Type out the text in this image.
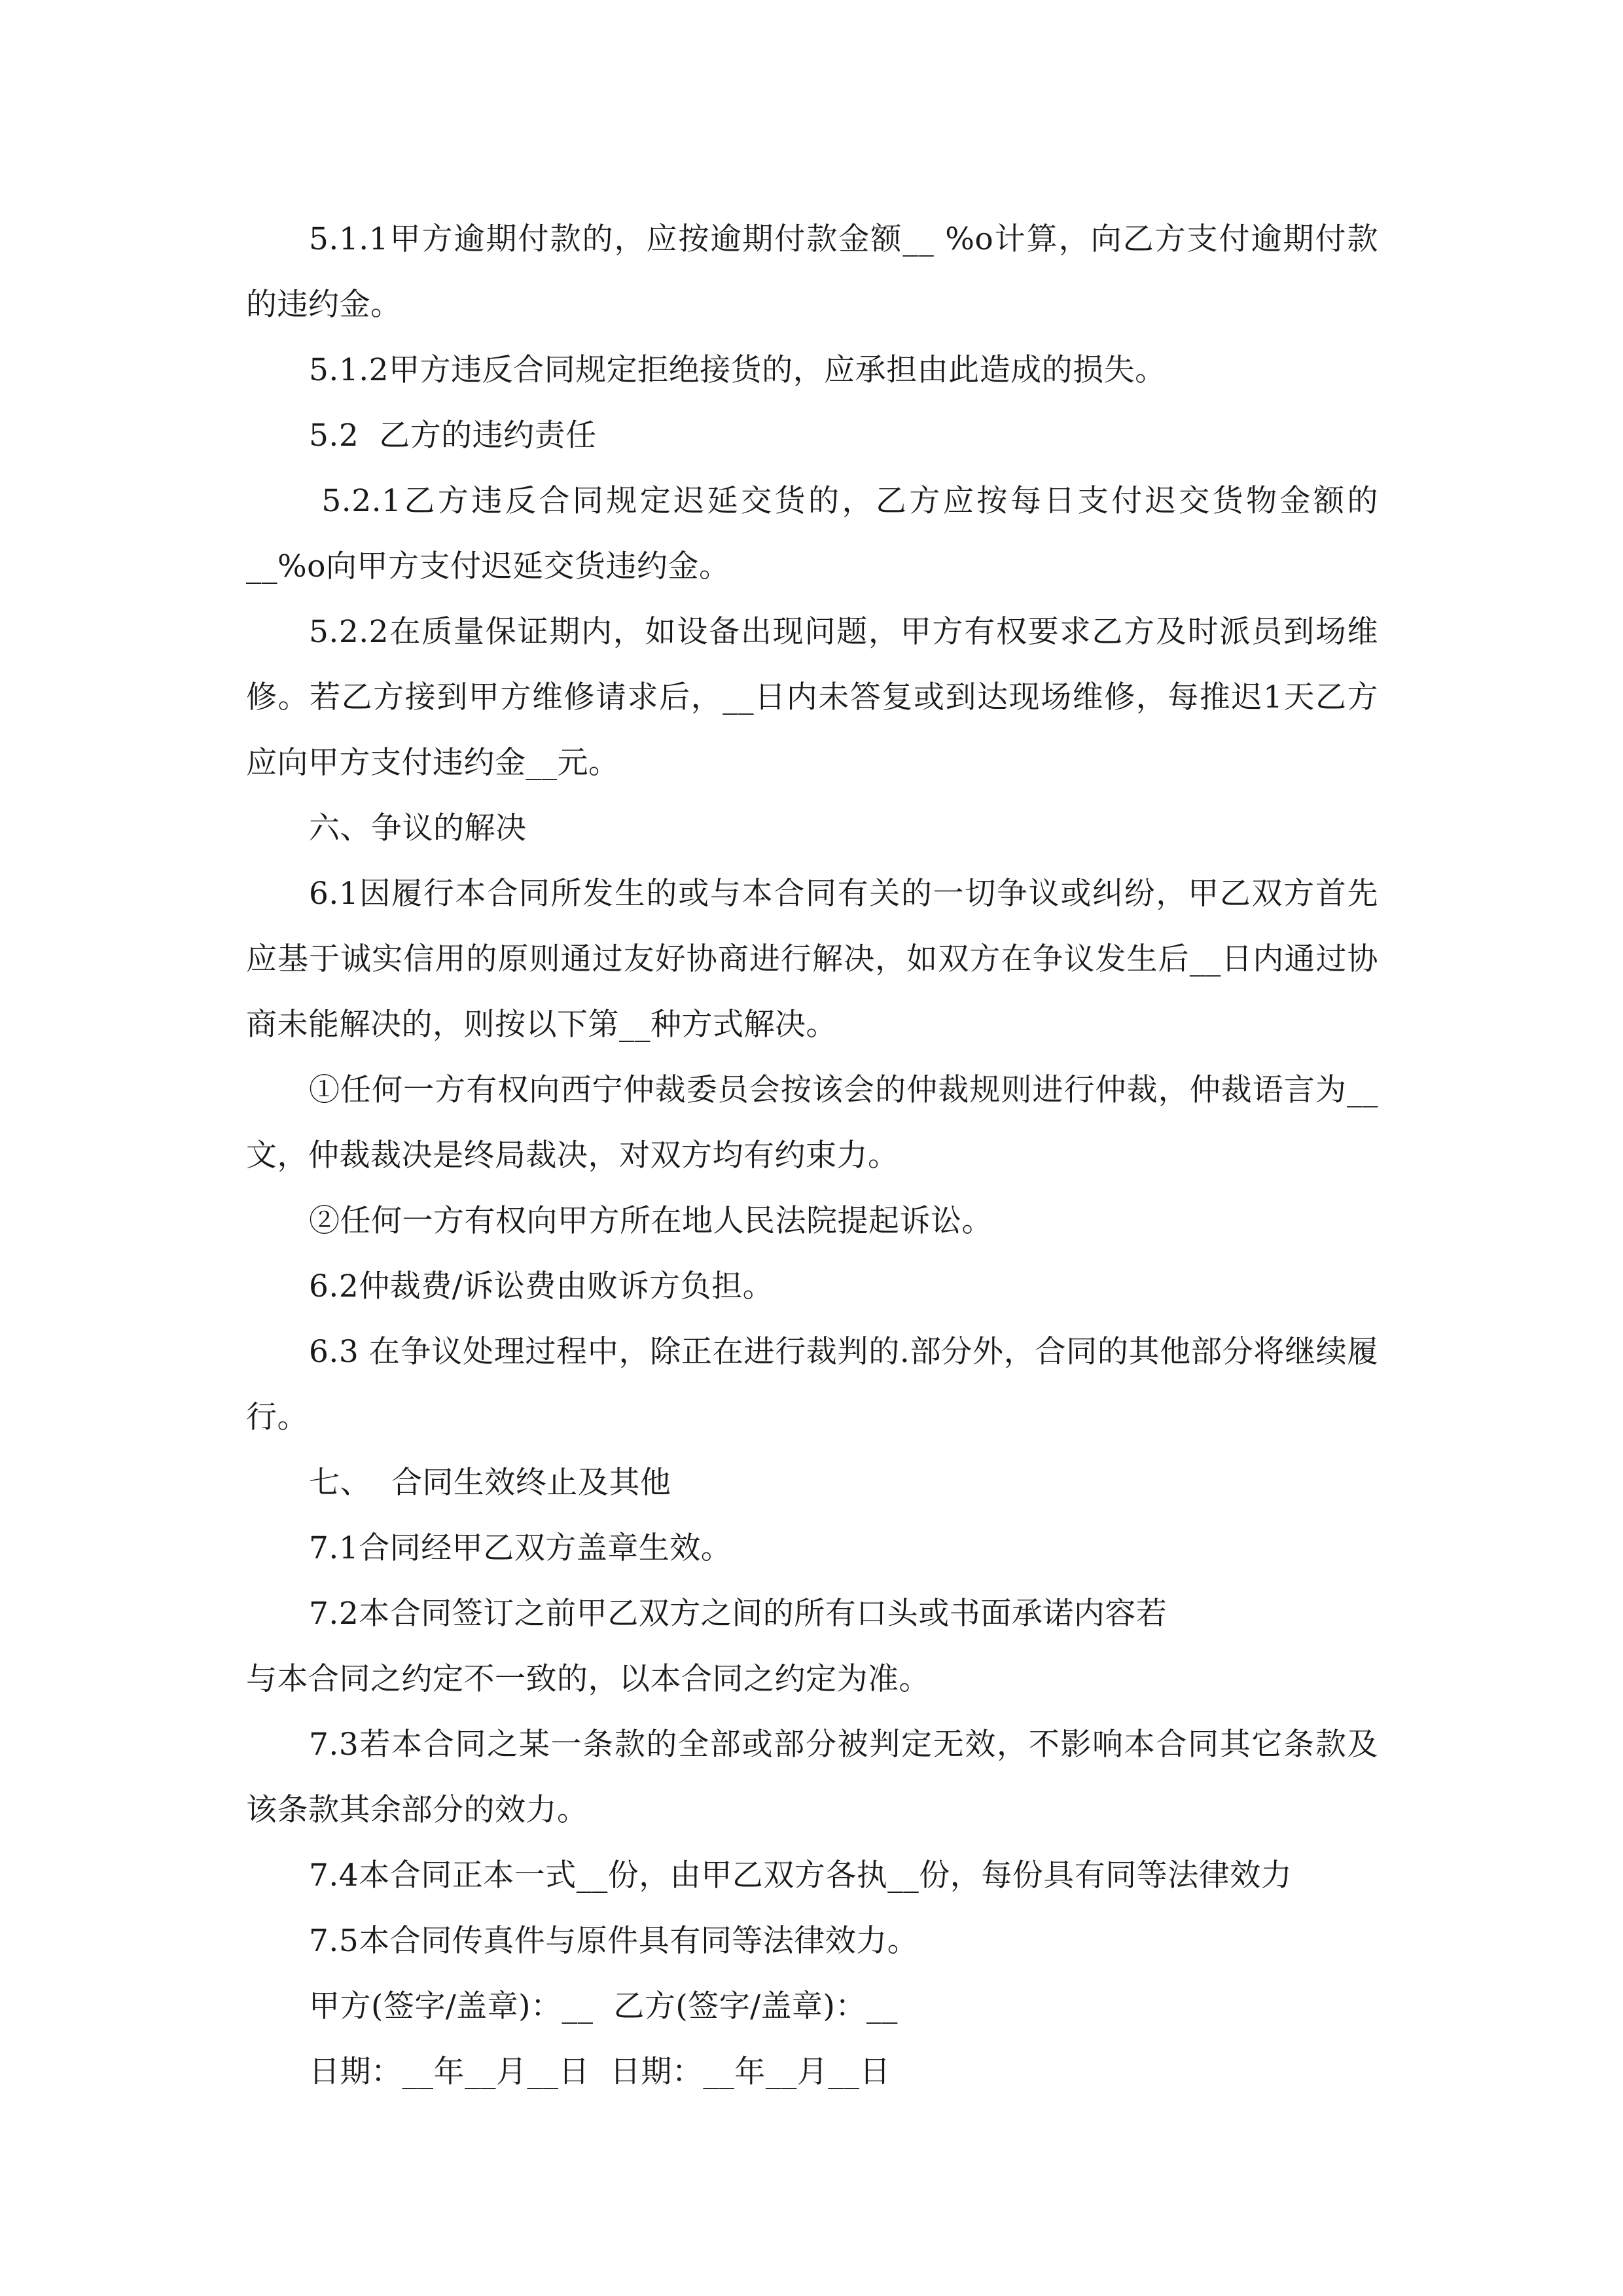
5.1.1甲方逾期付款的，应按逾期付款金额__ %o计算，向乙方支付逾期付款的违约金。

5.1.2甲方违反合同规定拒绝接货的，应承担由此造成的损失。

5.2  乙方的违约责任

5.2.1乙方违反合同规定迟延交货的，乙方应按每日支付迟交货物金额的__%o向甲方支付迟延交货违约金。

5.2.2在质量保证期内，如设备出现问题，甲方有权要求乙方及时派员到场维修。若乙方接到甲方维修请求后，__日内未答复或到达现场维修，每推迟1天乙方应向甲方支付违约金__元。

六、争议的解决

6.1因履行本合同所发生的或与本合同有关的一切争议或纠纷，甲乙双方首先应基于诚实信用的原则通过友好协商进行解决，如双方在争议发生后__日内通过协商未能解决的，则按以下第__种方式解决。

①任何一方有权向西宁仲裁委员会按该会的仲裁规则进行仲裁，仲裁语言为__文，仲裁裁决是终局裁决，对双方均有约束力。

②任何一方有权向甲方所在地人民法院提起诉讼。

6.2仲裁费/诉讼费由败诉方负担。

6.3 在争议处理过程中，除正在进行裁判的.部分外，合同的其他部分将继续履行。

七、  合同生效终止及其他

7.1合同经甲乙双方盖章生效。

7.2本合同签订之前甲乙双方之间的所有口头或书面承诺内容若

与本合同之约定不一致的，以本合同之约定为准。

7.3若本合同之某一条款的全部或部分被判定无效，不影响本合同其它条款及该条款其余部分的效力。

7.4本合同正本一式__份，由甲乙双方各执__份，每份具有同等法律效力

7.5本合同传真件与原件具有同等法律效力。

甲方(签字/盖章)：__  乙方(签字/盖章)：__

日期：__年__月__日  日期：__年__月__日
